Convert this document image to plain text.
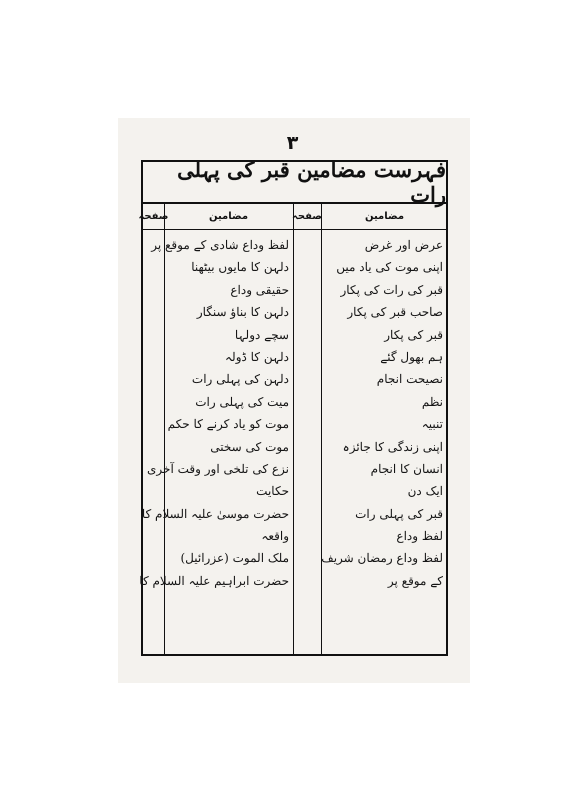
٣
فہرست مضامین قبر کی پہلی رات
مضامین
صفحہ
مضامین
صفحہ
عرض اور غرض
اپنی موت کی یاد میں
قبر کی رات کی پکار
صاحب قبر کی پکار
قبر کی پکار
ہم بھول گئے
نصیحت انجام
نظم
تنبیہ
اپنی زندگی کا جائزہ
انسان کا انجام
ایک دن
قبر کی پہلی رات
لفظ وداع
لفظ وداع رمضان شریف
کے موقع پر
لفظ وداع شادی کے موقع پر
دلہن کا مایوں بیٹھنا
حقیقی وداع
دلہن کا بناؤ سنگار
سچے دولہا
دلہن کا ڈولہ
دلہن کی پہلی رات
میت کی پہلی رات
موت کو یاد کرنے کا حکم
موت کی سختی
نزع کی تلخی اور وقت آخری
حکایت
حضرت موسیٰ علیہ السلام کا
واقعہ
ملک الموت (عزرائیل)
حضرت ابراہیم علیہ السلام کا
